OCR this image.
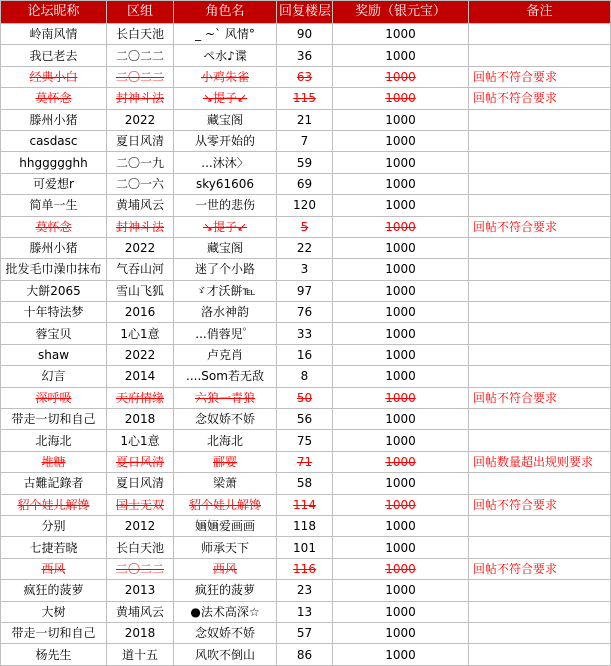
论坛昵称	区组	角色名	回复楼层	奖励（银元宝）	备注
岭南风情	长白天池	_ ~` 风情°	90	1000	
我已老去	二〇二二	ペ水♪谍	36	1000	
经典小白	二〇二二	小鸡朱雀	63	1000	回帖不符合要求
莫怀念	封神斗法	↘提子↙	115	1000	回帖不符合要求
滕州小猪	2022	藏宝阁	21	1000	
casdasc	夏日风清	从零开始的	7	1000	
hhggggghh	二〇一九	...沐沐〉	59	1000	
可爱想r	二〇一六	sky61606	69	1000	
简单一生	黄埔风云	一世的悲伤	120	1000	
莫怀念	封神斗法	↘提子↙	5	1000	回帖不符合要求
滕州小猪	2022	藏宝阁	22	1000	
批发毛巾澡巾抹布	气吞山河	迷了个小路	3	1000	
大餅2065	雪山飞狐	ゞ才沃餅℡	97	1000	
十年特法梦	2016	洛水神韵	76	1000	
蓉宝贝	1心1意	...俏蓉児゜	33	1000	
shaw	2022	卢克肖	16	1000	
幻言	2014	....Som若无敌	8	1000	
深呼吸	天府情缘	六狼一青狼	50	1000	回帖不符合要求
带走一切和自己	2018	念奴娇不娇	56	1000	
北海北	1心1意	北海北	75	1000	
堆糖	夏日风清	郦婴	71	1000	回帖数量超出规则要求
古難記錄者	夏日风清	梁萧	58	1000	
貂个娃儿解馋	国士无双	貂个娃儿解馋	114	1000	回帖不符合要求
分别	2012	婳婳爱画画	118	1000	
七捷若晓	长白天池	师承天下	101	1000	
西风	二〇二二	西风	116	1000	回帖不符合要求
疯狂的菠萝	2013	疯狂的菠萝	23	1000	
大树	黄埔风云	●法术高深☆	13	1000	
带走一切和自己	2018	念奴娇不娇	57	1000	
杨先生	道十五	风吹不倒山	86	1000	
